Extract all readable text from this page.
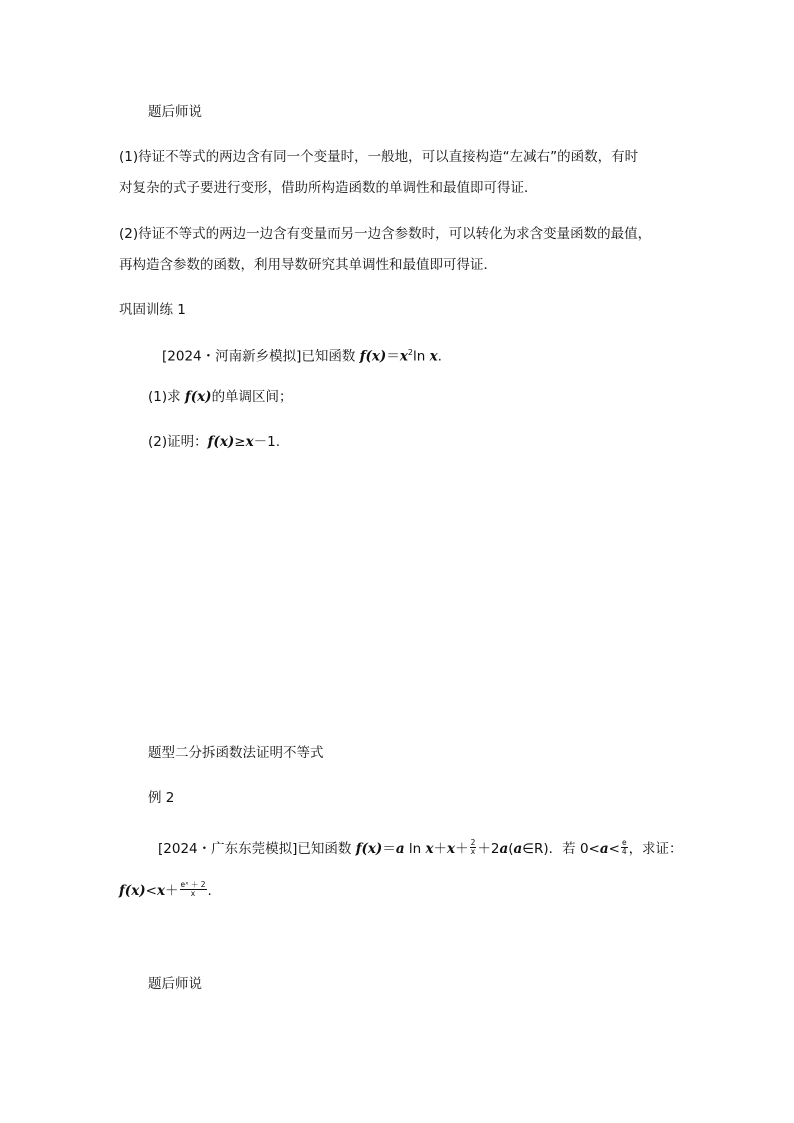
题后师说
(1)待证不等式的两边含有同一个变量时，一般地，可以直接构造“左减右”的函数，有时
对复杂的式子要进行变形，借助所构造函数的单调性和最值即可得证．
(2)待证不等式的两边一边含有变量而另一边含参数时，可以转化为求含变量函数的最值，
再构造含参数的函数，利用导数研究其单调性和最值即可得证．
巩固训练 1
[2024・河南新乡模拟]已知函数 $f(x)=x^2\ln$ x.
(1)求 f(x)的单调区间；
(2)证明：f(x)≥x－1.
题型二分拆函数法证明不等式
例 2
[2024・广东东莞模拟]已知函数 f(x)＝a $\ln x+x+ \frac{2}{x}$ ＋2a(a∈R)．若 $0<a< \frac{e}{4}$ ，求证：
$f(x)<x+ \frac{\text{eˣ ＋ 2}}{x}$ .
题后师说
